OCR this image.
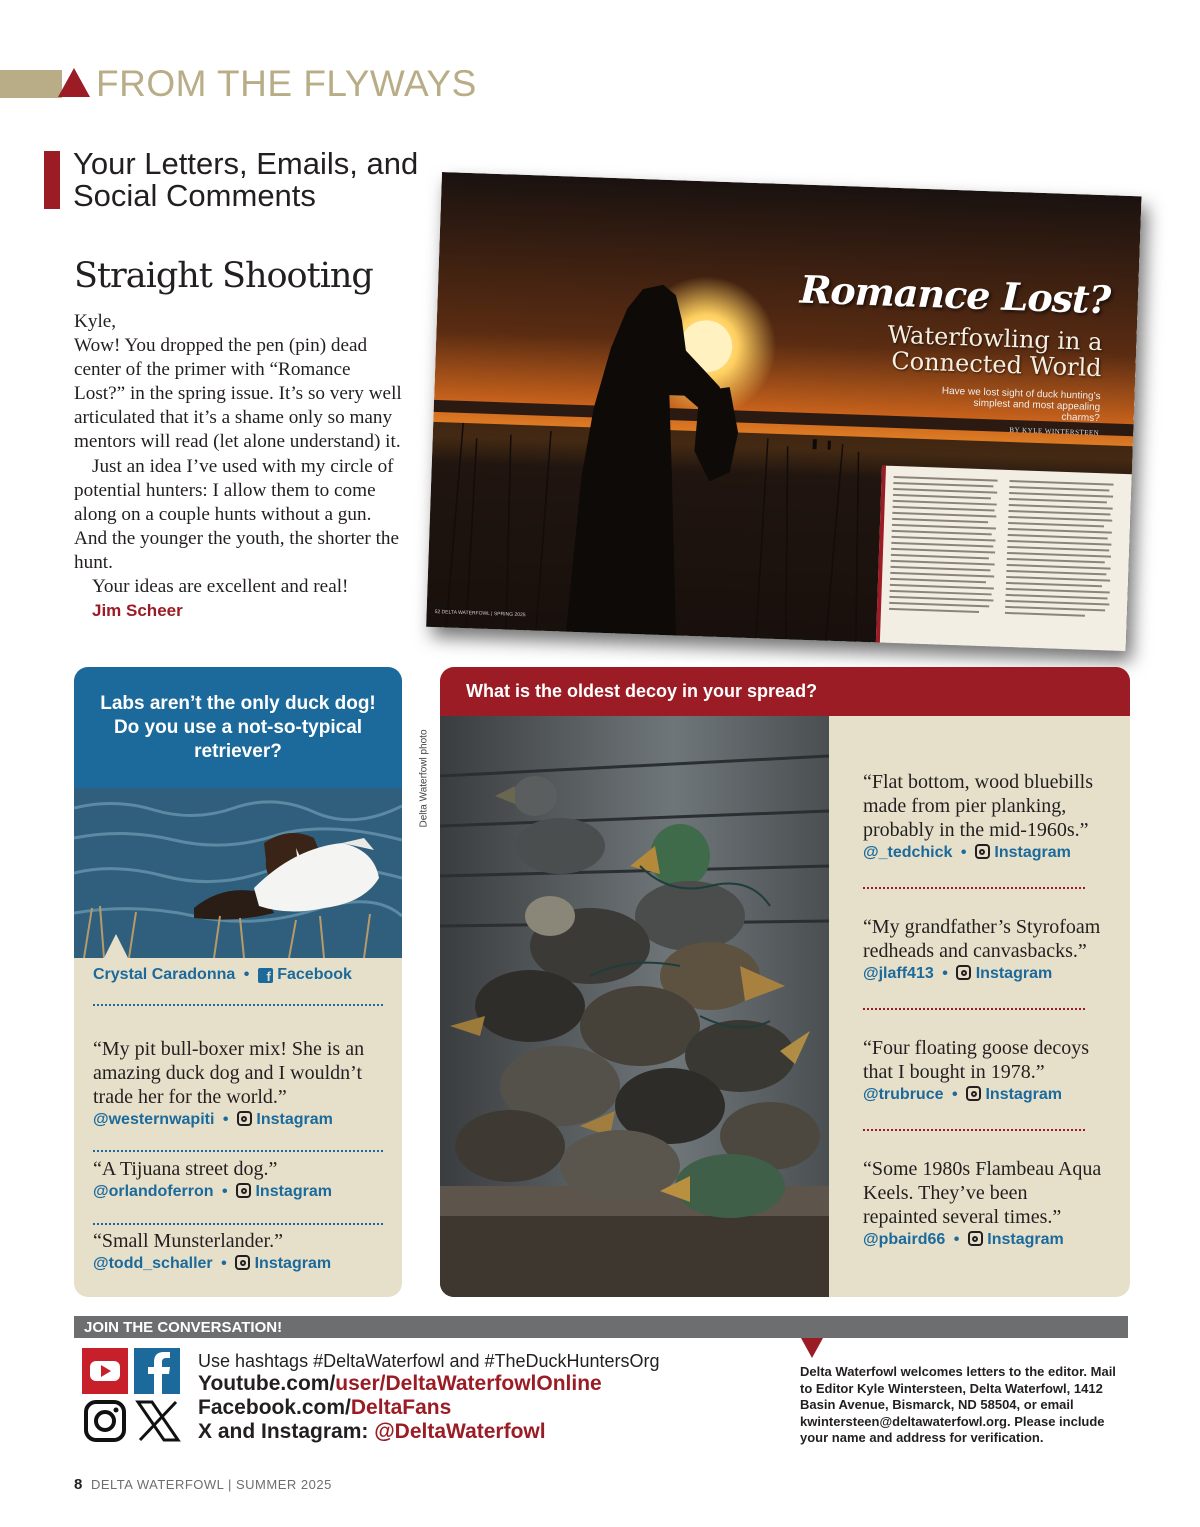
FROM THE FLYWAYS
Your Letters, Emails, and Social Comments
Straight Shooting

Kyle,

Wow! You dropped the pen (pin) dead center of the primer with “Romance Lost?” in the spring issue. It’s so very well articulated that it’s a shame only so many mentors will read (let alone understand) it.

Just an idea I’ve used with my circle of potential hunters: I allow them to come along on a couple hunts without a gun. And the younger the youth, the shorter the hunt.

Your ideas are excellent and real!

Jim Scheer

Romance Lost?
Waterfowling in a Connected World
Have we lost sight of duck hunting’s simplest and most appealing charms?
BY KYLE WINTERSTEEN
52 DELTA WATERFOWL | SPRING 2025
Labs aren’t the only duck dog! Do you use a not-so-typical retriever?
Crystal Caradonna • f Facebook
“My pit bull-boxer mix! She is an amazing duck dog and I wouldn’t trade her for the world.”
@westernwapiti • Instagram
“A Tijuana street dog.”
@orlandoferron • Instagram
“Small Munsterlander.”
@todd_schaller • Instagram
Delta Waterfowl photo
What is the oldest decoy in your spread?
“Flat bottom, wood bluebills made from pier planking, probably in the mid-1960s.”
@_tedchick • Instagram
“My grandfather’s Styrofoam redheads and canvasbacks.”
@jlaff413 • Instagram
“Four floating goose decoys that I bought in 1978.”
@trubruce • Instagram
“Some 1980s Flambeau Aqua Keels. They’ve been repainted several times.”
@pbaird66 • Instagram
JOIN THE CONVERSATION!
Use hashtags #DeltaWaterfowl and #TheDuckHuntersOrg
Youtube.com/user/DeltaWaterfowlOnline
Facebook.com/DeltaFans
X and Instagram: @DeltaWaterfowl
Delta Waterfowl welcomes letters to the editor. Mail to Editor Kyle Wintersteen, Delta Waterfowl, 1412 Basin Avenue, Bismarck, ND 58504, or email kwintersteen@deltawaterfowl.org. Please include your name and address for verification.
8 DELTA WATERFOWL | SUMMER 2025
